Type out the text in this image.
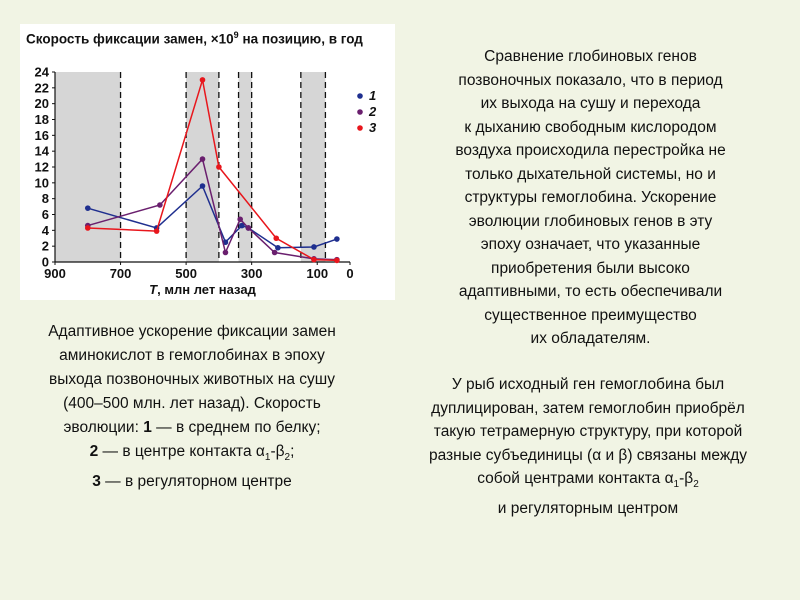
Скорость фиксации замен, $\times 10^9$ на позицию, в год
0
2
4
6
8
10
12
14
16
18
20
22
24
900	700	500	300	100 0
T, млн лет назад
1
2
3
Адаптивное ускорение фиксации замен
аминокислот в гемоглобинах в эпоху
выхода позвоночных животных на сушу
(400–500 млн. лет назад). Скорость
эволюции: 1 — в среднем по белку;
2 — в центре контакта $\alpha_1-\beta_2$;
3 — в регуляторном центре
Сравнение глобиновых генов
позвоночных показало, что в период
их выхода на сушу и перехода
к дыханию свободным кислородом
воздуха происходила перестройка не
только дыхательной системы, но и
структуры гемоглобина. Ускорение
эволюции глобиновых генов в эту
эпоху означает, что указанные
приобретения были высоко
адаптивными, то есть обеспечивали
существенное преимущество
их обладателям.
У рыб исходный ген гемоглобина был
дуплицирован, затем гемоглобин приобрёл
такую тетрамерную структуру, при которой
разные субъединицы (α и β) связаны между
собой центрами контакта $\alpha_1-\beta_2$
и регуляторным центром
